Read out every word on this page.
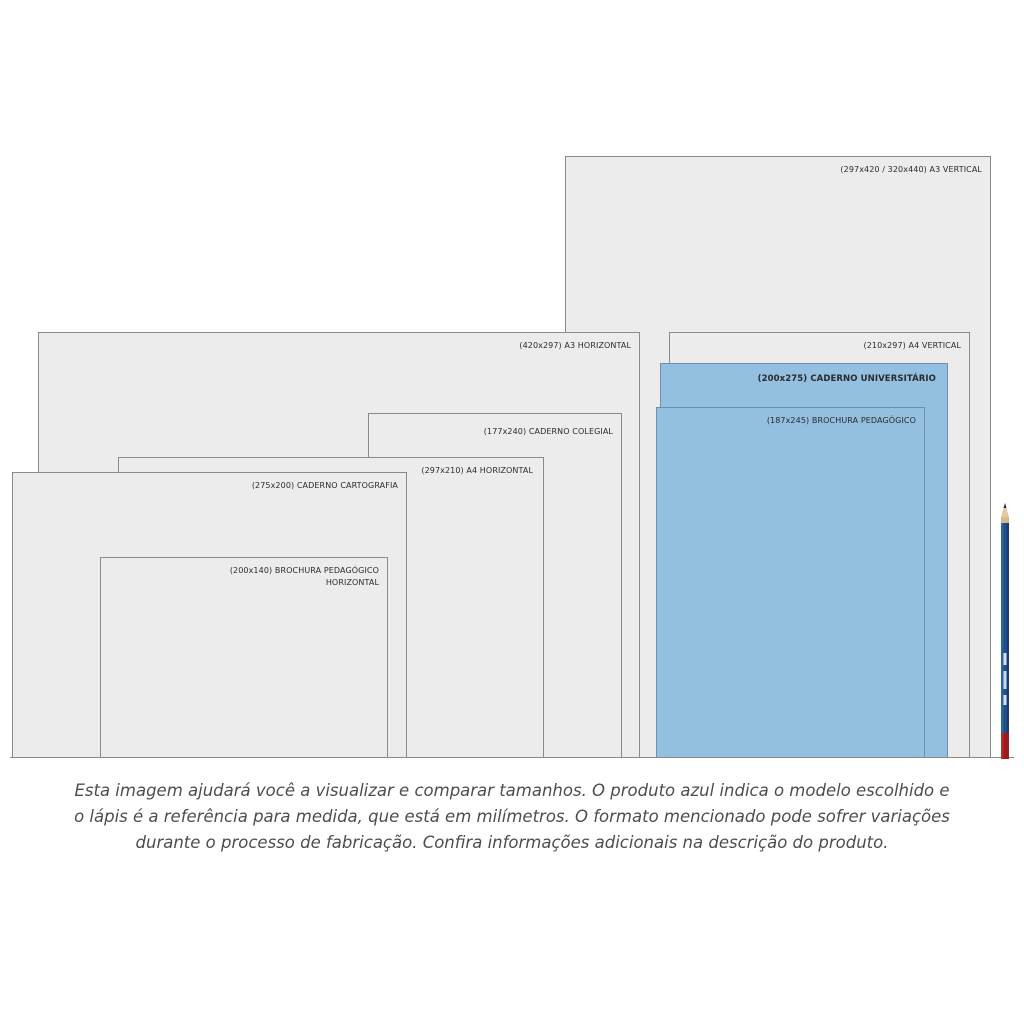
(297x420 / 320x440) A3 VERTICAL
(420x297) A3 HORIZONTAL	(210x297) A4 VERTICAL
(200x275) CADERNO UNIVERSITÁRIO
(187x245) BROCHURA PEDAGÓGICO
(177x240) CADERNO COLEGIAL
(297x210) A4 HORIZONTAL
(275x200) CADERNO CARTOGRAFIA
(200x140) BROCHURA PEDAGÓGICO
HORIZONTAL
Esta imagem ajudará você a visualizar e comparar tamanhos. O produto azul indica o modelo escolhido e
o lápis é a referência para medida, que está em milímetros. O formato mencionado pode sofrer variações
durante o processo de fabricação. Confira informações adicionais na descrição do produto.
